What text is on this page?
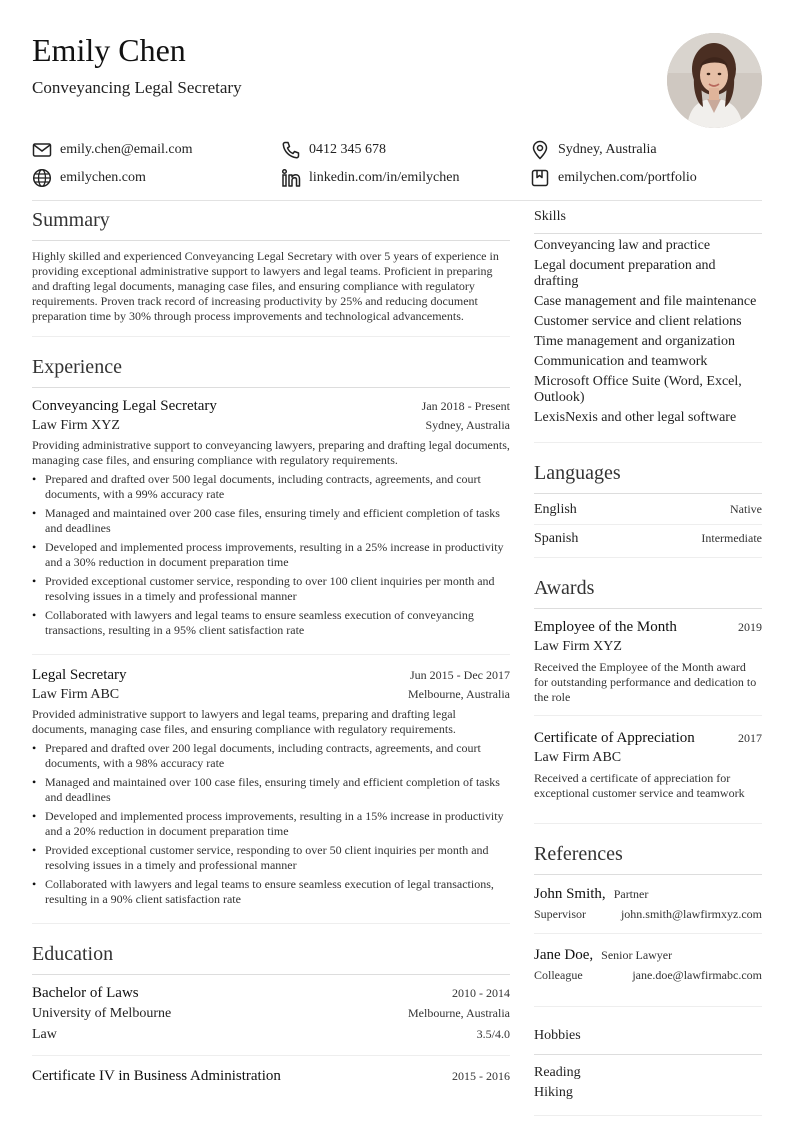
Emily Chen
Conveyancing Legal Secretary
emily.chen@email.com	0412 345 678	Sydney, Australia
emilychen.com	linkedin.com/in/emilychen	emilychen.com/portfolio
Summary
Highly skilled and experienced Conveyancing Legal Secretary with over 5 years of experience in providing exceptional administrative support to lawyers and legal teams. Proficient in preparing and drafting legal documents, managing case files, and ensuring compliance with regulatory requirements. Proven track record of increasing productivity by 25% and reducing document preparation time by 30% through process improvements and technological advancements.
Experience
Conveyancing Legal Secretary	Jan 2018 - Present
Law Firm XYZ	Sydney, Australia
Providing administrative support to conveyancing lawyers, preparing and drafting legal documents, managing case files, and ensuring compliance with regulatory requirements.
• Prepared and drafted over 500 legal documents, including contracts, agreements, and court documents, with a 99% accuracy rate
• Managed and maintained over 200 case files, ensuring timely and efficient completion of tasks and deadlines
• Developed and implemented process improvements, resulting in a 25% increase in productivity and a 30% reduction in document preparation time
• Provided exceptional customer service, responding to over 100 client inquiries per month and resolving issues in a timely and professional manner
• Collaborated with lawyers and legal teams to ensure seamless execution of conveyancing transactions, resulting in a 95% client satisfaction rate
Legal Secretary	Jun 2015 - Dec 2017
Law Firm ABC	Melbourne, Australia
Provided administrative support to lawyers and legal teams, preparing and drafting legal documents, managing case files, and ensuring compliance with regulatory requirements.
• Prepared and drafted over 200 legal documents, including contracts, agreements, and court documents, with a 98% accuracy rate
• Managed and maintained over 100 case files, ensuring timely and efficient completion of tasks and deadlines
• Developed and implemented process improvements, resulting in a 15% increase in productivity and a 20% reduction in document preparation time
• Provided exceptional customer service, responding to over 50 client inquiries per month and resolving issues in a timely and professional manner
• Collaborated with lawyers and legal teams to ensure seamless execution of legal transactions, resulting in a 90% client satisfaction rate
Education
Bachelor of Laws	2010 - 2014
University of Melbourne	Melbourne, Australia
Law	3.5/4.0
Certificate IV in Business Administration	2015 - 2016
Skills
Conveyancing law and practice
Legal document preparation and drafting
Case management and file maintenance
Customer service and client relations
Time management and organization
Communication and teamwork
Microsoft Office Suite (Word, Excel, Outlook)
LexisNexis and other legal software
Languages
English	Native
Spanish	Intermediate
Awards
Employee of the Month	2019
Law Firm XYZ
Received the Employee of the Month award for outstanding performance and dedication to the role
Certificate of Appreciation	2017
Law Firm ABC
Received a certificate of appreciation for exceptional customer service and teamwork
References
John Smith, Partner
Supervisor	john.smith@lawfirmxyz.com
Jane Doe, Senior Lawyer
Colleague	jane.doe@lawfirmabc.com
Hobbies
Reading
Hiking
